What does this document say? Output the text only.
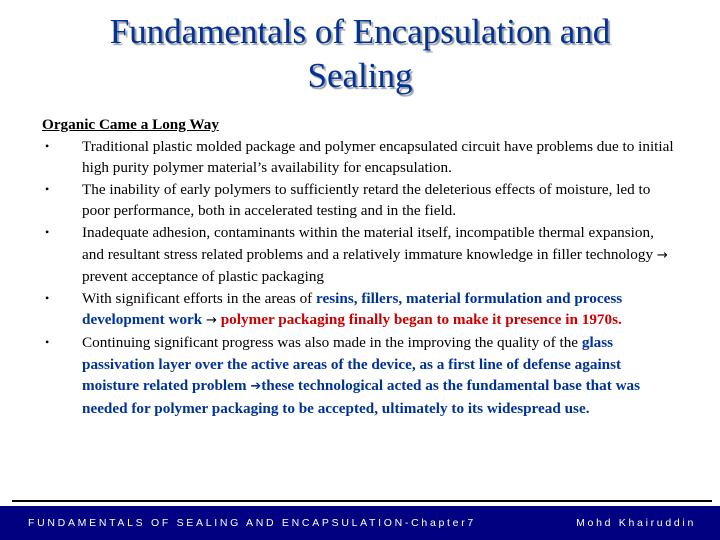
Fundamentals of Encapsulation and
Sealing
Organic Came a Long Way
• Traditional plastic molded package and polymer encapsulated circuit have problems due to initial high purity polymer material’s availability for encapsulation.
• The inability of early polymers to sufficiently retard the deleterious effects of moisture, led to poor performance, both in accelerated testing and in the field.
• Inadequate adhesion, contaminants within the material itself, incompatible thermal expansion, and resultant stress related problems and a relatively immature knowledge in filler technology → prevent acceptance of plastic packaging
• With significant efforts in the areas of resins, fillers, material formulation and process development work → polymer packaging finally began to make it presence in 1970s.
• Continuing significant progress was also made in the improving the quality of the glass passivation layer over the active areas of the device, as a first line of defense against moisture related problem ➔these technological acted as the fundamental base that was needed for polymer packaging to be accepted, ultimately to its widespread use.
FUNDAMENTALS OF SEALING AND ENCAPSULATION-Chapter7	Mohd Khairuddin
